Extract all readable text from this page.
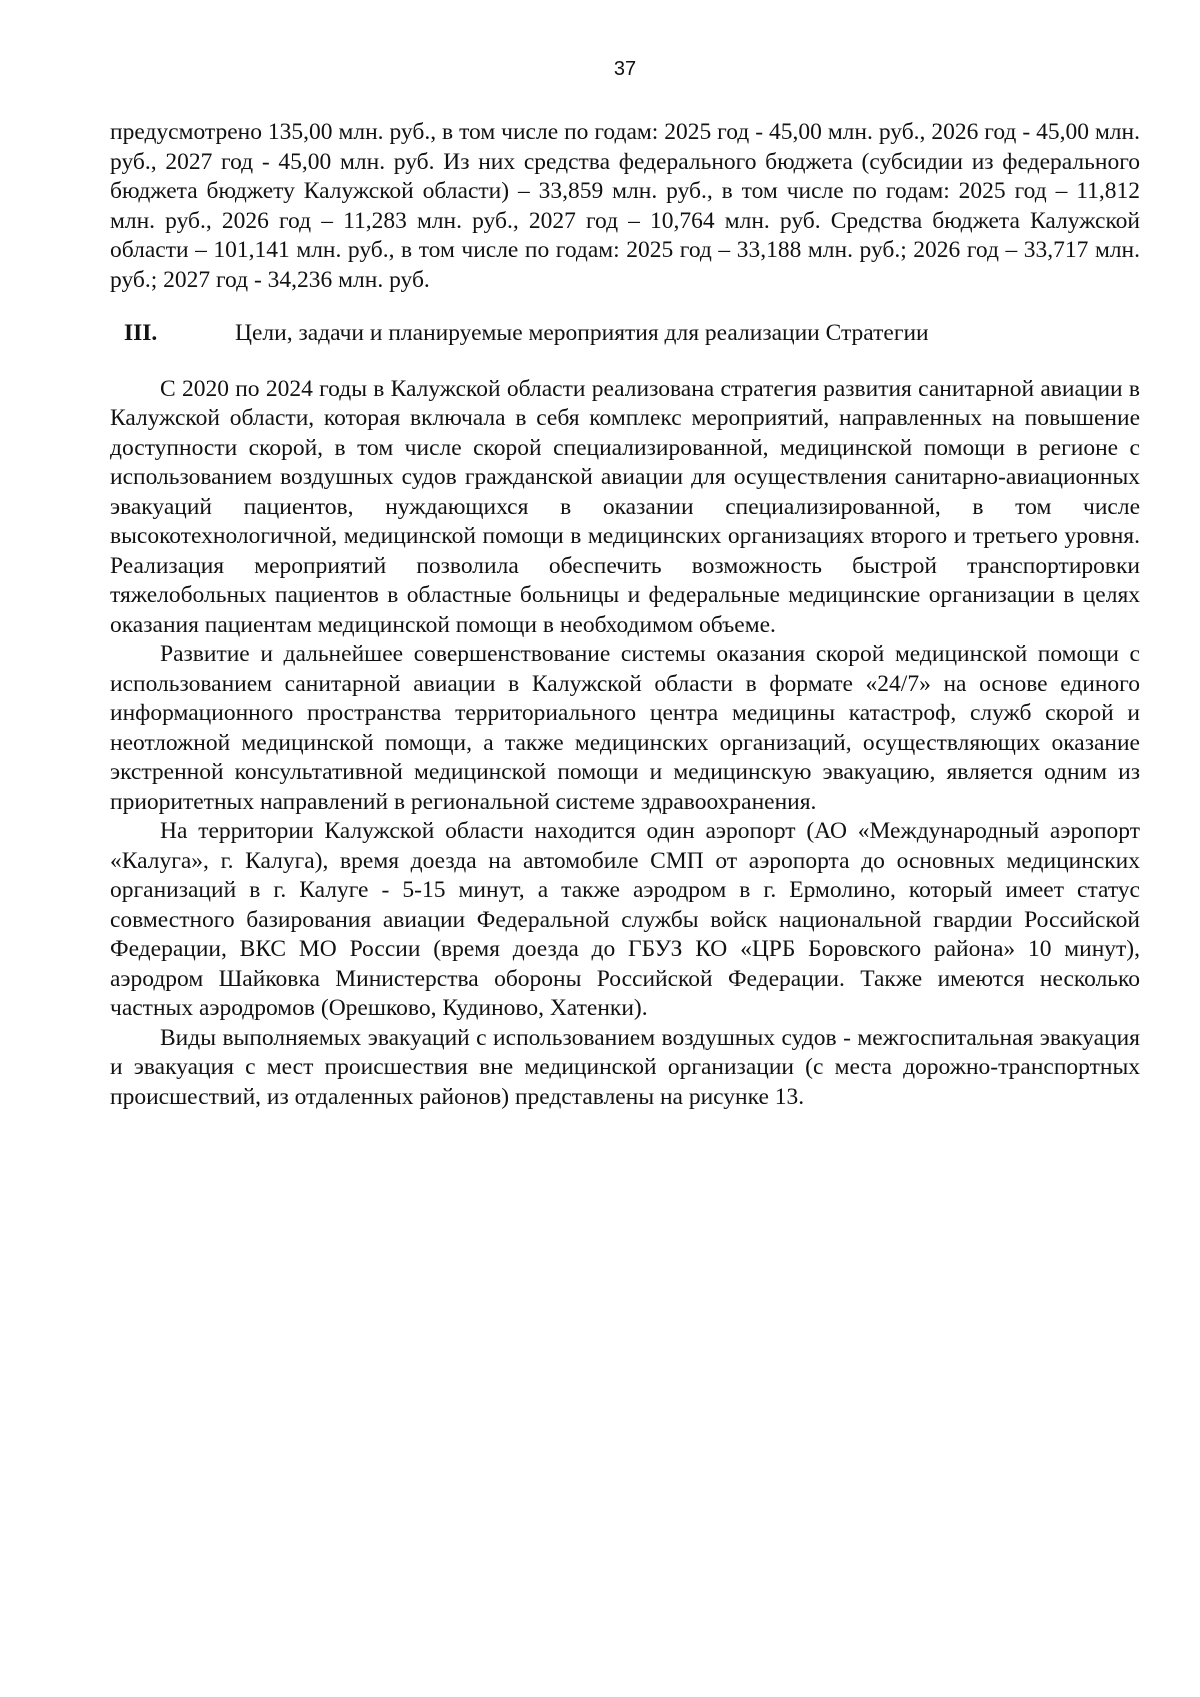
37

предусмотрено 135,00 млн. руб., в том числе по годам: 2025 год - 45,00 млн. руб., 2026 год - 45,00 млн. руб., 2027 год - 45,00 млн. руб. Из них средства федерального бюджета (субсидии из федерального бюджета бюджету Калужской области) – 33,859 млн. руб., в том числе по годам: 2025 год – 11,812 млн. руб., 2026 год – 11,283 млн. руб., 2027 год – 10,764 млн. руб. Средства бюджета Калужской области – 101,141 млн. руб., в том числе по годам: 2025 год – 33,188 млн. руб.; 2026 год – 33,717 млн. руб.; 2027 год - 34,236 млн. руб.

III.	Цели, задачи и планируемые мероприятия для реализации Стратегии

С 2020 по 2024 годы в Калужской области реализована стратегия развития санитарной авиации в Калужской области, которая включала в себя комплекс мероприятий, направленных на повышение доступности скорой, в том числе скорой специализированной, медицинской помощи в регионе с использованием воздушных судов гражданской авиации для осуществления санитарно-авиационных эвакуаций пациентов, нуждающихся в оказании специализированной, в том числе высокотехнологичной, медицинской помощи в медицинских организациях второго и третьего уровня. Реализация мероприятий позволила обеспечить возможность быстрой транспортировки тяжелобольных пациентов в областные больницы и федеральные медицинские организации в целях оказания пациентам медицинской помощи в необходимом объеме.

Развитие и дальнейшее совершенствование системы оказания скорой медицинской помощи с использованием санитарной авиации в Калужской области в формате «24/7» на основе единого информационного пространства территориального центра медицины катастроф, служб скорой и неотложной медицинской помощи, а также медицинских организаций, осуществляющих оказание экстренной консультативной медицинской помощи и медицинскую эвакуацию, является одним из приоритетных направлений в региональной системе здравоохранения.

На территории Калужской области находится один аэропорт (АО «Международный аэропорт «Калуга», г. Калуга), время доезда на автомобиле СМП от аэропорта до основных медицинских организаций в г. Калуге - 5-15 минут, а также аэродром в г. Ермолино, который имеет статус совместного базирования авиации Федеральной службы войск национальной гвардии Российской Федерации, ВКС МО России (время доезда до ГБУЗ КО «ЦРБ Боровского района» 10 минут), аэродром Шайковка Министерства обороны Российской Федерации. Также имеются несколько частных аэродромов (Орешково, Кудиново, Хатенки).

Виды выполняемых эвакуаций с использованием воздушных судов - межгоспитальная эвакуация и эвакуация с мест происшествия вне медицинской организации (с места дорожно-транспортных происшествий, из отдаленных районов) представлены на рисунке 13.
